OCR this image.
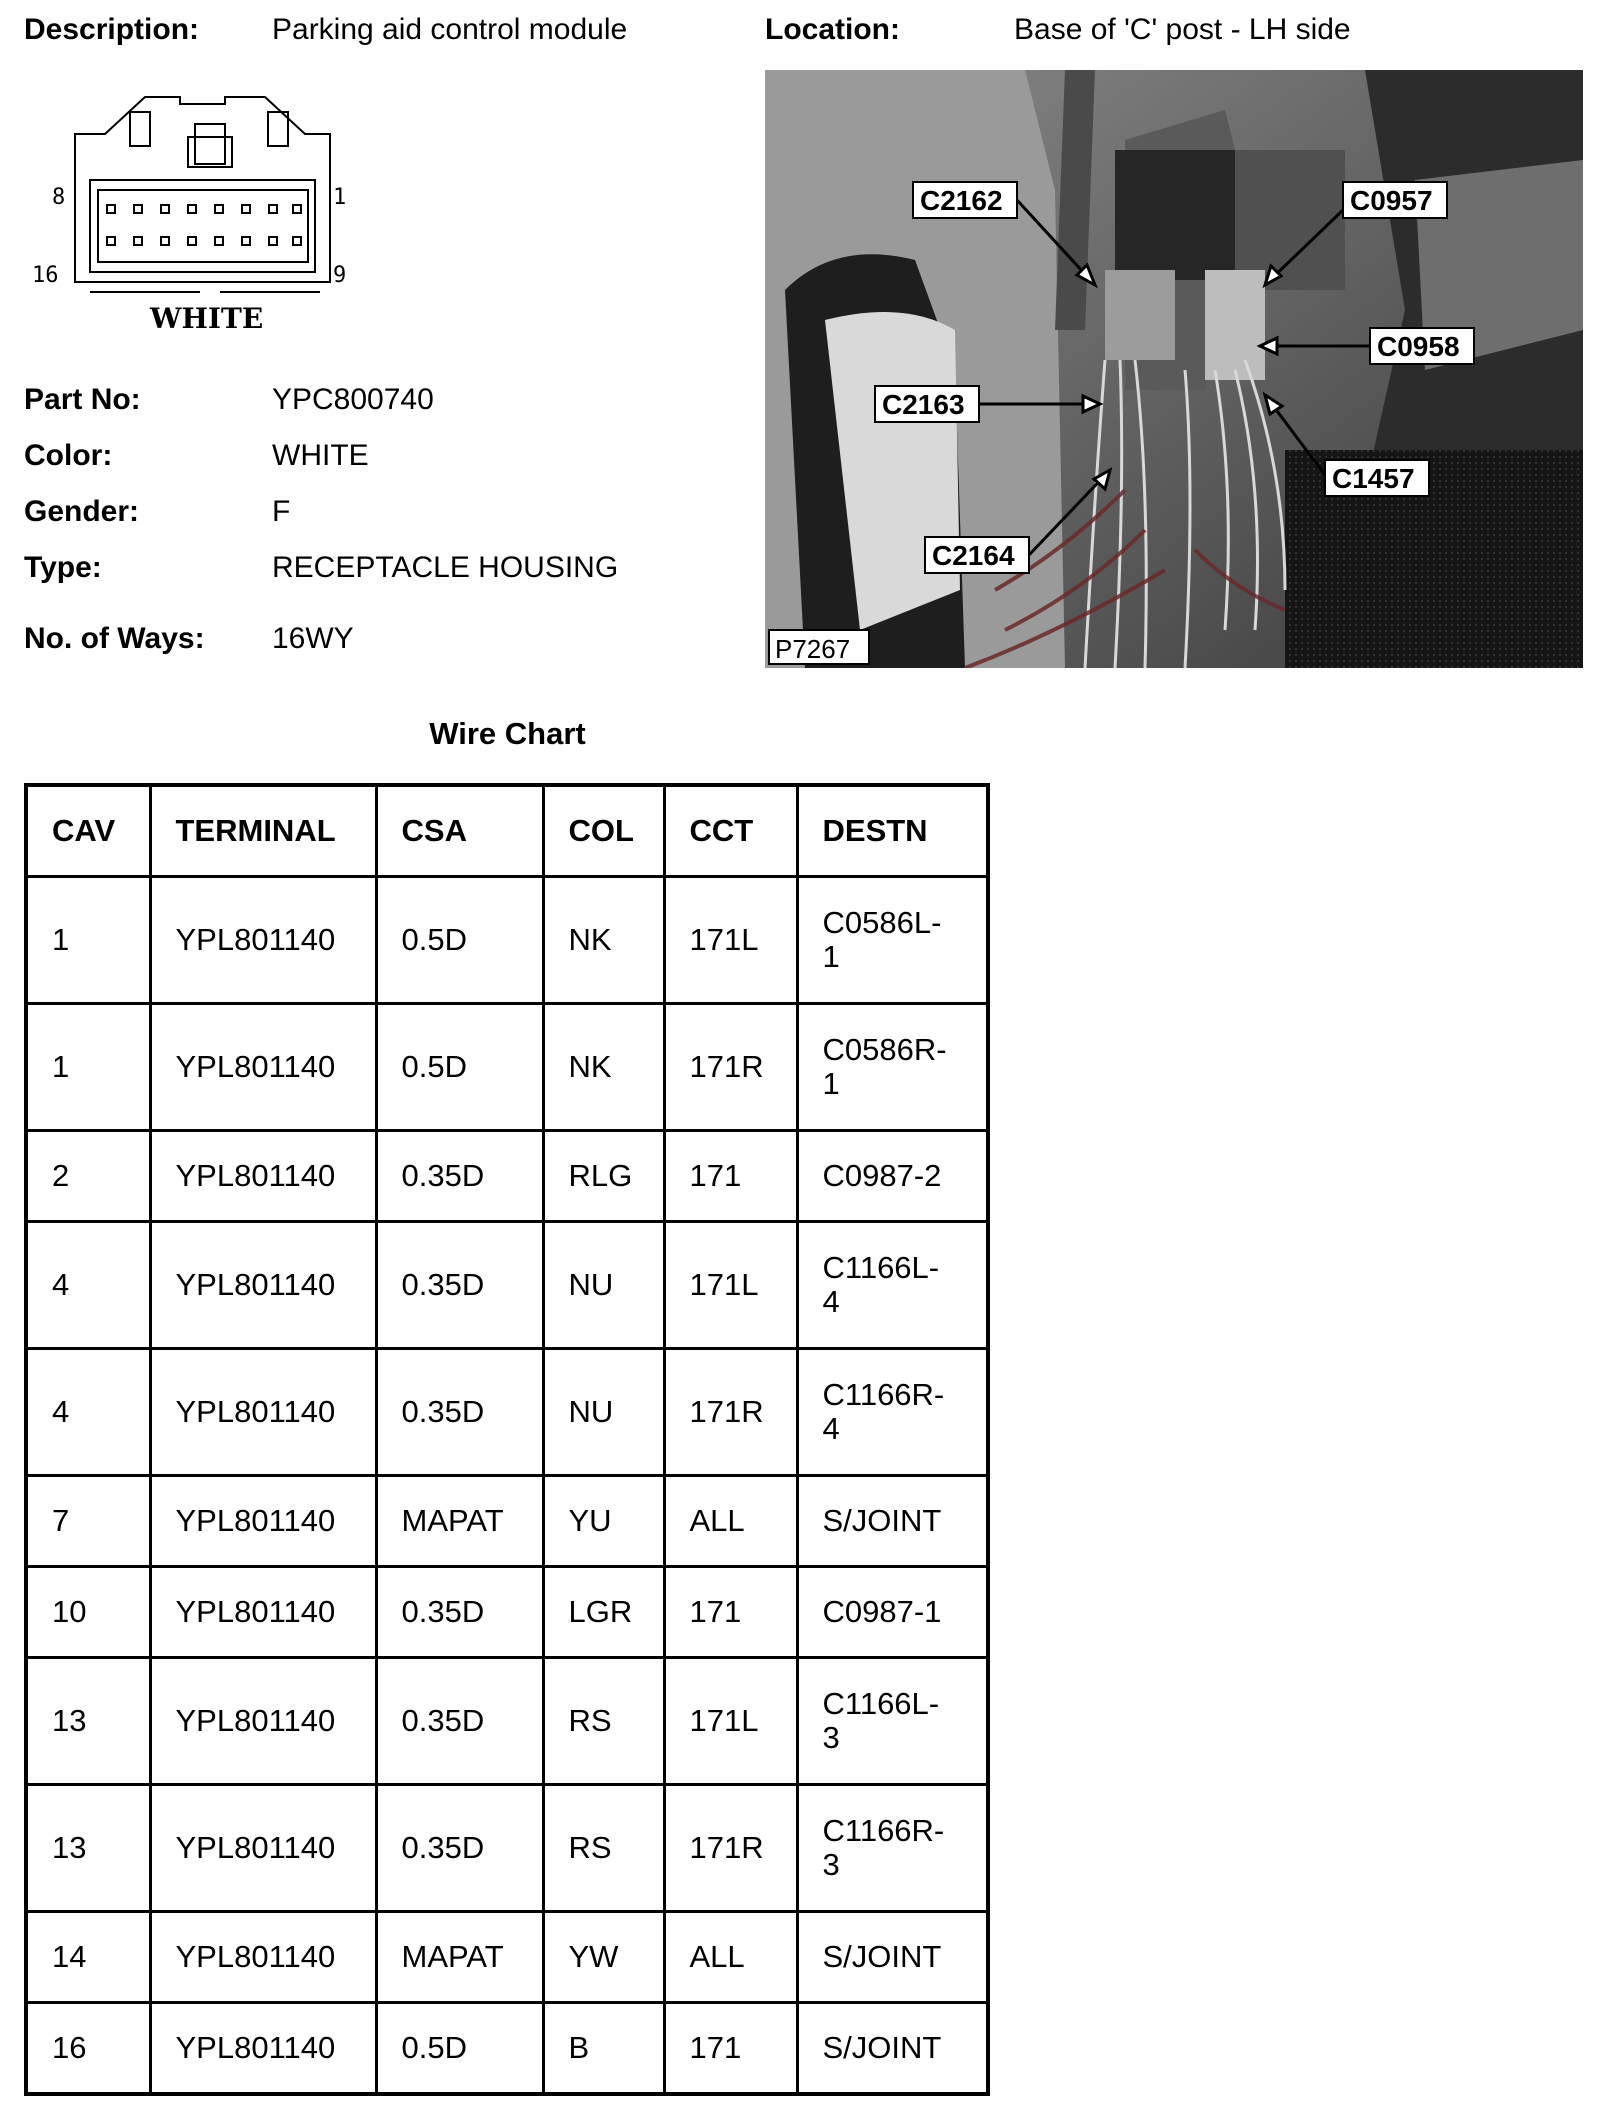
Description: Parking aid control module	Location:	Base of 'C' post - LH side
8	1
16	9
WHITE
C2162	C0957
C0958
C2163
C1457
C2164
P7267
Part No:	YPC800740
Color:	WHITE
Gender:	F
Type:	RECEPTACLE HOUSING
No. of Ways: 16WY
Wire Chart
CAV	TERMINAL	CSA	COL	CCT	DESTN
1	YPL801140	0.5D	NK	171L	C0586L-1
1	YPL801140	0.5D	NK	171R	C0586R-1
2	YPL801140	0.35D	RLG	171	C0987-2
4	YPL801140	0.35D	NU	171L	C1166L-4
4	YPL801140	0.35D	NU	171R	C1166R-4
7	YPL801140	MAPAT	YU	ALL	S/JOINT
10	YPL801140	0.35D	LGR	171	C0987-1
13	YPL801140	0.35D	RS	171L	C1166L-3
13	YPL801140	0.35D	RS	171R	C1166R-3
14	YPL801140	MAPAT	YW	ALL	S/JOINT
16	YPL801140	0.5D	B	171	S/JOINT
